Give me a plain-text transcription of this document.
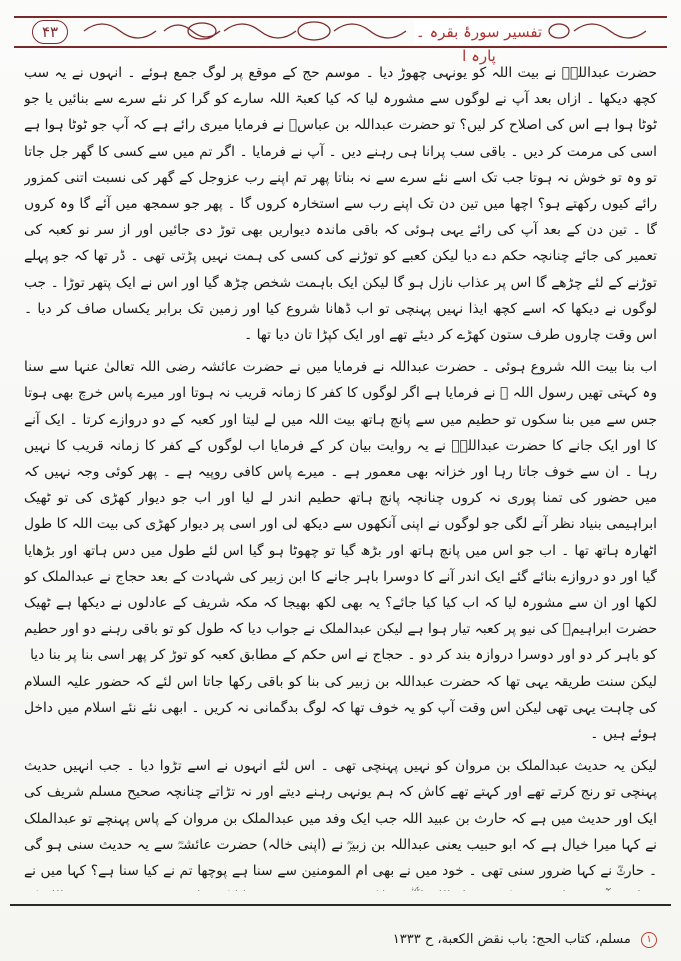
۴۳	تفسیر سورۂ بقرہ ۔ پارہ ا

حضرت عبداللہؓ نے بیت اللہ کو یونہی چھوڑ دیا ۔ موسم حج کے موقع پر لوگ جمع ہوئے ۔ انہوں نے یہ سب کچھ دیکھا ۔ ازاں بعد آپ نے لوگوں سے مشورہ لیا کہ کیا کعبۃ اللہ سارے کو گرا کر نئے سرے سے بنائیں یا جو ٹوٹا ہوا ہے اس کی اصلاح کر لیں؟ تو حضرت عبداللہ بن عباسؓ نے فرمایا میری رائے ہے کہ آپ جو ٹوٹا ہوا ہے اسی کی مرمت کر دیں ۔ باقی سب پرانا ہی رہنے دیں ۔ آپ نے فرمایا ۔ اگر تم میں سے کسی کا گھر جل جاتا تو وہ تو خوش نہ ہوتا جب تک اسے نئے سرے سے نہ بناتا پھر تم اپنے رب عزوجل کے گھر کی نسبت اتنی کمزور رائے کیوں رکھتے ہو؟ اچھا میں تین دن تک اپنے رب سے استخارہ کروں گا ۔ پھر جو سمجھ میں آئے گا وہ کروں گا ۔ تین دن کے بعد آپ کی رائے یہی ہوئی کہ باقی ماندہ دیواریں بھی توڑ دی جائیں اور از سر نو کعبہ کی تعمیر کی جائے چنانچہ حکم دے دیا لیکن کعبے کو توڑنے کی کسی کی ہمت نہیں پڑتی تھی ۔ ڈر تھا کہ جو پہلے توڑنے کے لئے چڑھے گا اس پر عذاب نازل ہو گا لیکن ایک باہمت شخص چڑھ گیا اور اس نے ایک پتھر توڑا ۔ جب لوگوں نے دیکھا کہ اسے کچھ ایذا نہیں پہنچی تو اب ڈھانا شروع کیا اور زمین تک برابر یکساں صاف کر دیا ۔ اس وقت چاروں طرف ستون کھڑے کر دیئے تھے اور ایک کپڑا تان دیا تھا ۔

اب بنا بیت اللہ شروع ہوئی ۔ حضرت عبداللہ نے فرمایا میں نے حضرت عائشہ رضی اللہ تعالیٰ عنہا سے سنا وہ کہتی تھیں رسول اللہ ﷺ نے فرمایا ہے اگر لوگوں کا کفر کا زمانہ قریب نہ ہوتا اور میرے پاس خرچ بھی ہوتا جس سے میں بنا سکوں تو حطیم میں سے پانچ ہاتھ بیت اللہ میں لے لیتا اور کعبہ کے دو دروازے کرتا ۔ ایک آنے کا اور ایک جانے کا حضرت عبداللہؓ نے یہ روایت بیان کر کے فرمایا اب لوگوں کے کفر کا زمانہ قریب کا نہیں رہا ۔ ان سے خوف جاتا رہا اور خزانہ بھی معمور ہے ۔ میرے پاس کافی روپیہ ہے ۔ پھر کوئی وجہ نہیں کہ میں حضور کی تمنا پوری نہ کروں چنانچہ پانچ ہاتھ حطیم اندر لے لیا اور اب جو دیوار کھڑی کی تو ٹھیک ابراہیمی بنیاد نظر آنے لگی جو لوگوں نے اپنی آنکھوں سے دیکھ لی اور اسی پر دیوار کھڑی کی بیت اللہ کا طول اٹھارہ ہاتھ تھا ۔ اب جو اس میں پانچ ہاتھ اور بڑھ گیا تو چھوٹا ہو گیا اس لئے طول میں دس ہاتھ اور بڑھایا گیا اور دو دروازے بنائے گئے ایک اندر آنے کا دوسرا باہر جانے کا ابن زبیر کی شہادت کے بعد حجاج نے عبدالملک کو لکھا اور ان سے مشورہ لیا کہ اب کیا کیا جائے؟ یہ بھی لکھ بھیجا کہ مکہ شریف کے عادلوں نے دیکھا ہے ٹھیک حضرت ابراہیمؑ کی نیو پر کعبہ تیار ہوا ہے لیکن عبدالملک نے جواب دیا کہ طول کو تو باقی رہنے دو اور حطیم کو باہر کر دو اور دوسرا دروازہ بند کر دو ۔ حجاج نے اس حکم کے مطابق کعبہ کو توڑ کر پھر اسی بنا پر بنا دیا

لیکن سنت طریقہ یہی تھا کہ حضرت عبداللہ بن زبیر کی بنا کو باقی رکھا جاتا اس لئے کہ حضور علیہ السلام کی چاہت یہی تھی لیکن اس وقت آپ کو یہ خوف تھا کہ لوگ بدگمانی نہ کریں ۔ ابھی نئے نئے اسلام میں داخل ہوئے ہیں ۔

لیکن یہ حدیث عبدالملک بن مروان کو نہیں پہنچی تھی ۔ اس لئے انہوں نے اسے تڑوا دیا ۔ جب انہیں حدیث پہنچی تو رنج کرتے تھے اور کہتے تھے کاش کہ ہم یونہی رہنے دیتے اور نہ تڑاتے چنانچہ صحیح مسلم شریف کی ایک اور حدیث میں ہے کہ حارث بن عبید اللہ جب ایک وفد میں عبدالملک بن مروان کے پاس پہنچے تو عبدالملک نے کہا میرا خیال ہے کہ ابو حبیب یعنی عبداللہ بن زبیرؓ نے (اپنی خالہ) حضرت عائشہؓ سے یہ حدیث سنی ہو گی ۔ حارثؓ نے کہا ضرور سنی تھی ۔ خود میں نے بھی ام المومنین سے سنا ہے پوچھا تم نے کیا سنا ہے؟ کہا میں نے

۱ مسلم، كتاب الحج: باب نقض الكعبة، ح ١٣٣٣
